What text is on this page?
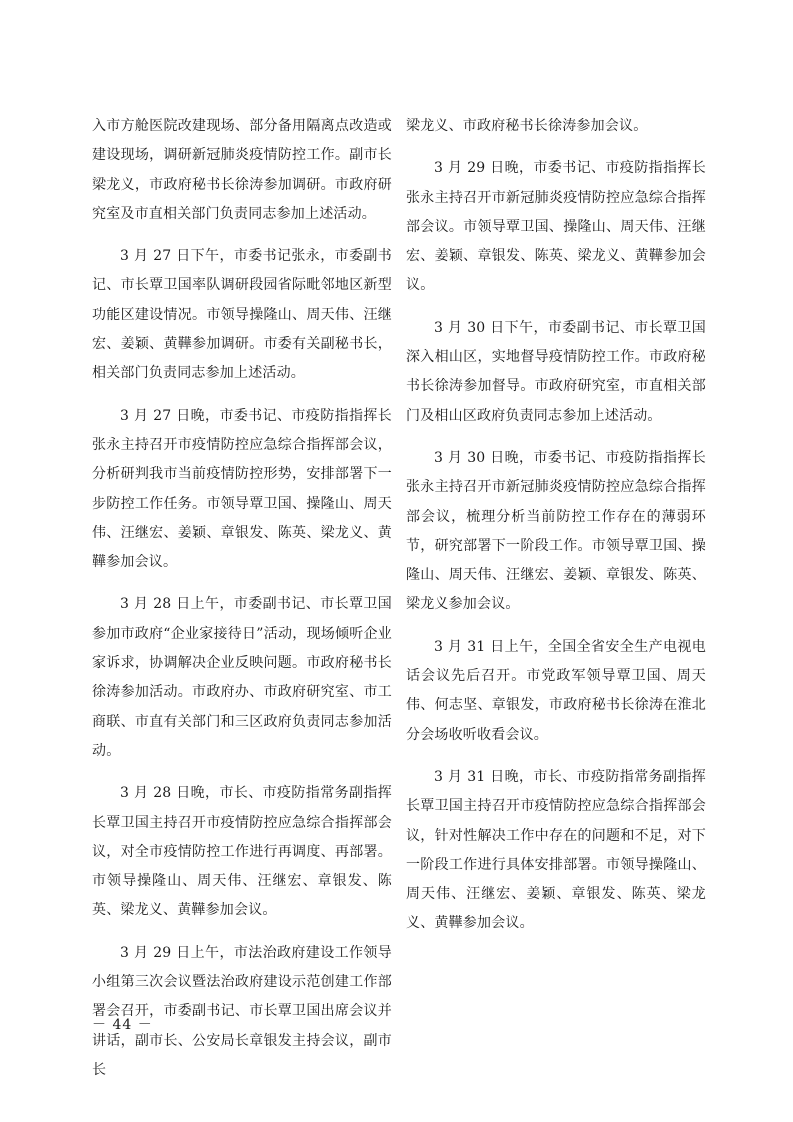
入市方舱医院改建现场、部分备用隔离点改造或建设现场，调研新冠肺炎疫情防控工作。副市长梁龙义，市政府秘书长徐涛参加调研。市政府研究室及市直相关部门负责同志参加上述活动。

3 月 27 日下午，市委书记张永，市委副书记、市长覃卫国率队调研段园省际毗邻地区新型功能区建设情况。市领导操隆山、周天伟、汪继宏、姜颖、黄鞾参加调研。市委有关副秘书长，相关部门负责同志参加上述活动。

3 月 27 日晚，市委书记、市疫防指指挥长张永主持召开市疫情防控应急综合指挥部会议，分析研判我市当前疫情防控形势，安排部署下一步防控工作任务。市领导覃卫国、操隆山、周天伟、汪继宏、姜颖、章银发、陈英、梁龙义、黄鞾参加会议。

3 月 28 日上午，市委副书记、市长覃卫国参加市政府“企业家接待日”活动，现场倾听企业家诉求，协调解决企业反映问题。市政府秘书长徐涛参加活动。市政府办、市政府研究室、市工商联、市直有关部门和三区政府负责同志参加活动。

3 月 28 日晚，市长、市疫防指常务副指挥长覃卫国主持召开市疫情防控应急综合指挥部会议，对全市疫情防控工作进行再调度、再部署。市领导操隆山、周天伟、汪继宏、章银发、陈英、梁龙义、黄鞾参加会议。

3 月 29 日上午，市法治政府建设工作领导小组第三次会议暨法治政府建设示范创建工作部署会召开，市委副书记、市长覃卫国出席会议并讲话，副市长、公安局长章银发主持会议，副市长

梁龙义、市政府秘书长徐涛参加会议。

3 月 29 日晚，市委书记、市疫防指指挥长张永主持召开市新冠肺炎疫情防控应急综合指挥部会议。市领导覃卫国、操隆山、周天伟、汪继宏、姜颖、章银发、陈英、梁龙义、黄鞾参加会议。

3 月 30 日下午，市委副书记、市长覃卫国深入相山区，实地督导疫情防控工作。市政府秘书长徐涛参加督导。市政府研究室，市直相关部门及相山区政府负责同志参加上述活动。

3 月 30 日晚，市委书记、市疫防指指挥长张永主持召开市新冠肺炎疫情防控应急综合指挥部会议，梳理分析当前防控工作存在的薄弱环节，研究部署下一阶段工作。市领导覃卫国、操隆山、周天伟、汪继宏、姜颖、章银发、陈英、梁龙义参加会议。

3 月 31 日上午，全国全省安全生产电视电话会议先后召开。市党政军领导覃卫国、周天伟、何志坚、章银发，市政府秘书长徐涛在淮北分会场收听收看会议。

3 月 31 日晚，市长、市疫防指常务副指挥长覃卫国主持召开市疫情防控应急综合指挥部会议，针对性解决工作中存在的问题和不足，对下一阶段工作进行具体安排部署。市领导操隆山、周天伟、汪继宏、姜颖、章银发、陈英、梁龙义、黄鞾参加会议。

－ 44 －
